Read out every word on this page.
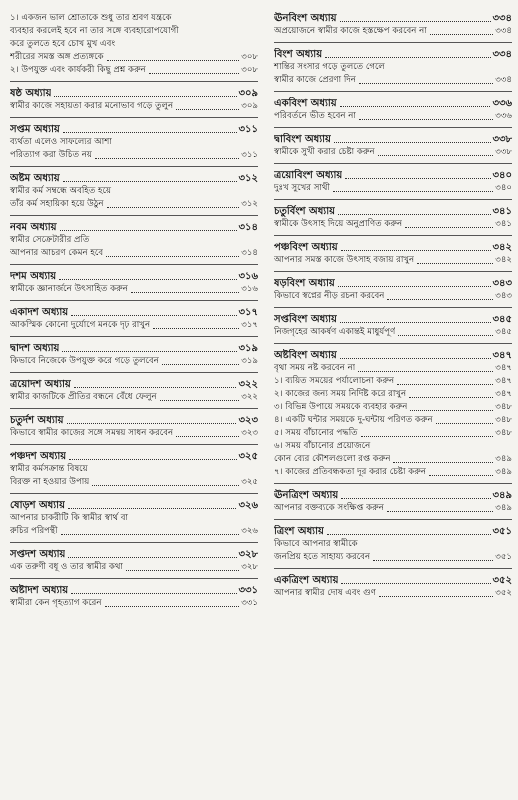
১। একজন ভাল শ্রোতাকে শুধু তার শ্রবণ যন্ত্রকে
ব্যবহার করলেই হবে না তার সঙ্গে ব্যবহারোপযোগী
করে তুলতে হবে চোখ মুখ এবং
শরীরের সমস্ত অঙ্গ প্রত্যঙ্গকে	৩০৮
২। উপযুক্ত এবং কার্যকরী কিছু প্রশ্ন করুন	৩০৮
ষষ্ঠ অধ্যায়	৩০৯
স্বামীর কাজে সহায়তা করার মনোভাব গড়ে তুলুন	৩০৯
সপ্তম অধ্যায়	৩১১
ব্যর্থতা এলেও সাফল্যের আশা
পরিত্যাগ করা উচিত নয়	৩১১
অষ্টম অধ্যায়	৩১২
স্বামীর কর্ম সম্বন্ধে অবহিত হয়ে
তাঁর কর্ম সহায়িকা হয়ে উঠুন	৩১২
নবম অধ্যায়	৩১৪
স্বামীর সেক্রেটারীর প্রতি
আপনার আচরণ কেমন হবে	৩১৪
দশম অধ্যায়	৩১৬
স্বামীকে জ্ঞানার্জনে উৎসাহিত করুন	৩১৬
একাদশ অধ্যায়	৩১৭
আকস্মিক কোনো দুর্যোগে মনকে দৃঢ় রাখুন	৩১৭
দ্বাদশ অধ্যায়	৩১৯
কিভাবে নিজেকে উপযুক্ত করে গড়ে তুলবেন	৩১৯
ত্রয়োদশ অধ্যায়	৩২২
স্বামীর কাজটিকে প্রীতির বন্ধনে বেঁধে ফেলুন	৩২২
চতুর্দশ অধ্যায়	৩২৩
কিভাবে স্বামীর কাজের সঙ্গে সমন্বয় সাধন করবেন	৩২৩
পঞ্চদশ অধ্যায়	৩২৫
স্বামীর কর্মসক্রান্ত বিষয়ে
বিরক্ত না হওয়ার উপায়	৩২৫
ষোড়শ অধ্যায়	৩২৬
আপনার চাকরীটি কি স্বামীর স্বার্থ বা
রুচির পরিপন্থী	৩২৬
সপ্তদশ অধ্যায়	৩২৮
এক তরুণী বধূ ও তার স্বামীর কথা	৩২৮
অষ্টাদশ অধ্যায়	৩৩১
স্বামীরা কেন গৃহত্যাগ করেন	৩৩১
ঊনবিংশ অধ্যায়	৩৩৪
অপ্রয়োজনে স্বামীর কাজে হস্তক্ষেপ করবেন না	৩৩৪
বিংশ অধ্যায়	৩৩৪
শান্তির সংসার গড়ে তুলতে গেলে
স্বামীর কাজে প্রেরণা দিন	৩৩৪
একবিংশ অধ্যায়	৩৩৬
পরিবর্তনে ভীত হবেন না	৩৩৬
দ্বাবিংশ অধ্যায়	৩৩৮
স্বামীকে সুখী করার চেষ্টা করুন	৩৩৮
ত্রয়োবিংশ অধ্যায়	৩৪০
দুঃখ সুখের সাথী	৩৪০
চতুর্বিংশ অধ্যায়	৩৪১
স্বামীকে উৎসাহ দিয়ে অনুপ্রাণিত করুন	৩৪১
পঞ্চবিংশ অধ্যায়	৩৪২
আপনার সমস্ত কাজে উৎসাহ বজায় রাখুন	৩৪২
ষড়বিংশ অধ্যায়	৩৪৩
কিভাবে স্বপ্নের নীড় রচনা করবেন	৩৪৩
সপ্তবিংশ অধ্যায়	৩৪৫
নিজগৃহের আকর্ষণ একান্তই মাধুর্যপূর্ণ	৩৪৫
অষ্টবিংশ অধ্যায়	৩৪৭
বৃথা সময় নষ্ট করবেন না	৩৪৭
১। ব্যয়িত সময়ের পর্যালোচনা করুন	৩৪৭
২। কাজের জন্য সময় নির্দিষ্ট করে রাখুন	৩৪৭
৩। বিভিন্ন উপায়ে সময়কে ব্যবহার করুন	৩৪৮
৪। একটি ঘন্টার সময়কে দু-ঘন্টায় পরিণত করুন	৩৪৮
৫। সময় বাঁচানোর পদ্ধতি	৩৪৮
৬। সময় বাঁচানোর প্রয়োজনে
কোন ব্যের কৌশলগুলো রপ্ত করুন	৩৪৯
৭। কাজের প্রতিবন্ধকতা দূর করার চেষ্টা করুন	৩৪৯
ঊনত্রিংশ অধ্যায়	৩৪৯
আপনার বক্তব্যকে সংক্ষিপ্ত করুন	৩৪৯
ত্রিংশ অধ্যায়	৩৫১
কিভাবে আপনার স্বামীকে
জনপ্রিয় হতে সাহায্য করবেন	৩৫১
একত্রিংশ অধ্যায়	৩৫২
আপনার স্বামীর দোষ এবং গুণ	৩৫২
